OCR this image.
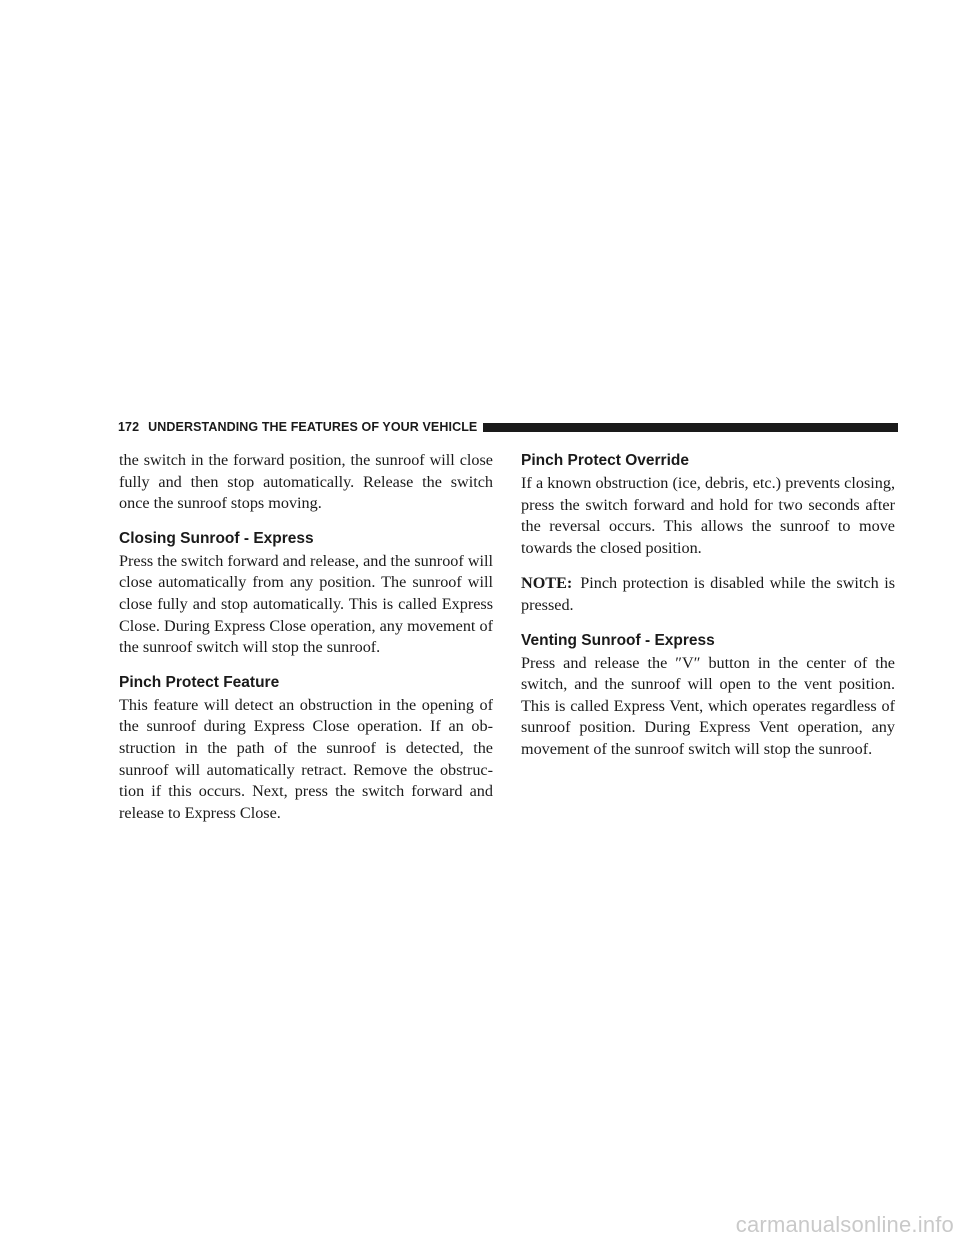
172 UNDERSTANDING THE FEATURES OF YOUR VEHICLE

the switch in the forward position, the sunroof will close fully and then stop automatically. Release the switch once the sunroof stops moving.

Closing Sunroof - Express

Press the switch forward and release, and the sunroof will close automatically from any position. The sunroof will close fully and stop automatically. This is called Express Close. During Express Close operation, any movement of the sunroof switch will stop the sunroof.

Pinch Protect Feature

This feature will detect an obstruction in the opening of the sunroof during Express Close operation. If an ob-struction in the path of the sunroof is detected, the sunroof will automatically retract. Remove the obstruc-tion if this occurs. Next, press the switch forward and release to Express Close.

Pinch Protect Override

If a known obstruction (ice, debris, etc.) prevents closing, press the switch forward and hold for two seconds after the reversal occurs. This allows the sunroof to move towards the closed position.

NOTE: Pinch protection is disabled while the switch is pressed.

Venting Sunroof - Express

Press and release the ″V″ button in the center of the switch, and the sunroof will open to the vent position. This is called Express Vent, which operates regardless of sunroof position. During Express Vent operation, any movement of the sunroof switch will stop the sunroof.

carmanualsonline.info
